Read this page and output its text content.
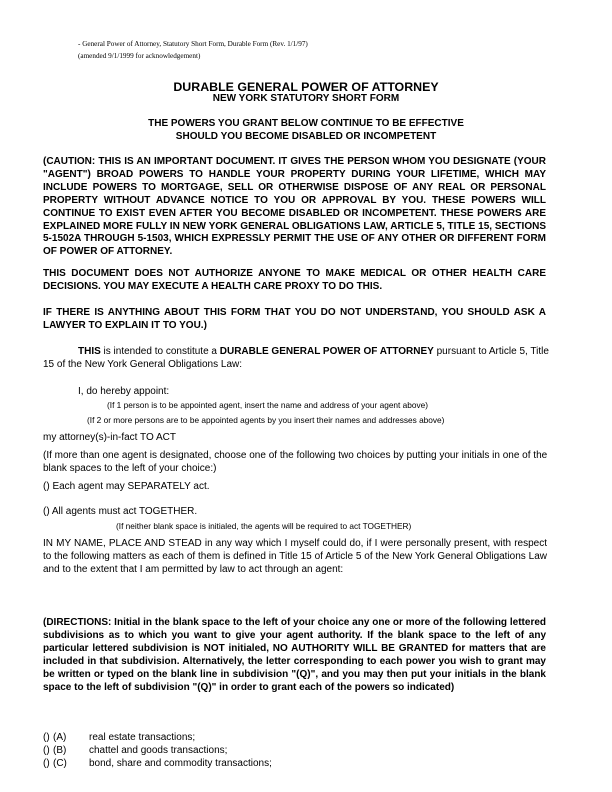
- General Power of Attorney, Statutory Short Form, Durable Form (Rev. 1/1/97)
(amended 9/1/1999 for acknowledgement)
DURABLE GENERAL POWER OF ATTORNEY
NEW YORK STATUTORY SHORT FORM
THE POWERS YOU GRANT BELOW CONTINUE TO BE EFFECTIVE
SHOULD YOU BECOME DISABLED OR INCOMPETENT
(CAUTION: THIS IS AN IMPORTANT DOCUMENT. IT GIVES THE PERSON WHOM YOU DESIGNATE (YOUR "AGENT") BROAD POWERS TO HANDLE YOUR PROPERTY DURING YOUR LIFETIME, WHICH MAY INCLUDE POWERS TO MORTGAGE, SELL OR OTHERWISE DISPOSE OF ANY REAL OR PERSONAL PROPERTY WITHOUT ADVANCE NOTICE TO YOU OR APPROVAL BY YOU. THESE POWERS WILL CONTINUE TO EXIST EVEN AFTER YOU BECOME DISABLED OR INCOMPETENT. THESE POWERS ARE EXPLAINED MORE FULLY IN NEW YORK GENERAL OBLIGATIONS LAW, ARTICLE 5, TITLE 15, SECTIONS 5-1502A THROUGH 5-1503, WHICH EXPRESSLY PERMIT THE USE OF ANY OTHER OR DIFFERENT FORM OF POWER OF ATTORNEY.
THIS DOCUMENT DOES NOT AUTHORIZE ANYONE TO MAKE MEDICAL OR OTHER HEALTH CARE DECISIONS. YOU MAY EXECUTE A HEALTH CARE PROXY TO DO THIS.
IF THERE IS ANYTHING ABOUT THIS FORM THAT YOU DO NOT UNDERSTAND, YOU SHOULD ASK A LAWYER TO EXPLAIN IT TO YOU.)
THIS is intended to constitute a DURABLE GENERAL POWER OF ATTORNEY pursuant to Article 5, Title 15 of the New York General Obligations Law:
I, do hereby appoint:
(If 1 person is to be appointed agent, insert the name and address of your agent above)
(If 2 or more persons are to be appointed agents by you insert their names and addresses above)
my attorney(s)-in-fact TO ACT
(If more than one agent is designated, choose one of the following two choices by putting your initials in one of the blank spaces to the left of your choice:)
() Each agent may SEPARATELY act.
() All agents must act TOGETHER.
(If neither blank space is initialed, the agents will be required to act TOGETHER)
IN MY NAME, PLACE AND STEAD in any way which I myself could do, if I were personally present, with respect to the following matters as each of them is defined in Title 15 of Article 5 of the New York General Obligations Law and to the extent that I am permitted by law to act through an agent:
(DIRECTIONS: Initial in the blank space to the left of your choice any one or more of the following lettered subdivisions as to which you want to give your agent authority. If the blank space to the left of any particular lettered subdivision is NOT initialed, NO AUTHORITY WILL BE GRANTED for matters that are included in that subdivision. Alternatively, the letter corresponding to each power you wish to grant may be written or typed on the blank line in subdivision "(Q)", and you may then put your initials in the blank space to the left of subdivision "(Q)" in order to grant each of the powers so indicated)
() (A) real estate transactions;
() (B) chattel and goods transactions;
() (C) bond, share and commodity transactions;
